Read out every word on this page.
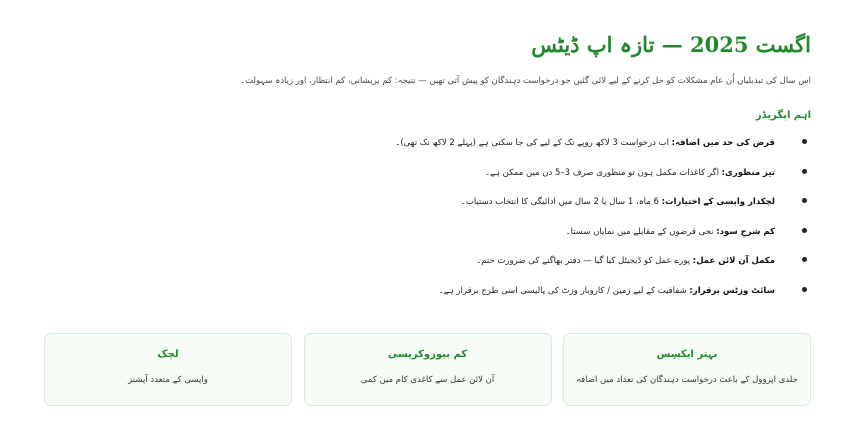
اگست 2025 — تازہ اپ ڈیٹس

اس سال کی تبدیلیاں اُن عام مشکلات کو حل کرنے کے لیے لائی گئیں جو درخواست دہندگان کو پیش آتی تھیں — نتیجہ: کم پریشانی، کم انتظار، اور زیادہ سہولت۔

اہم اپگریڈز
قرض کی حد میں اضافہ: اب درخواست 3 لاکھ روپے تک کے لیے کی جا سکتی ہے (پہلے 2 لاکھ تک تھی)۔
تیز منظوری: اگر کاغذات مکمل ہوں تو منظوری صرف 3–5 دن میں ممکن ہے۔
لچکدار واپسی کے اختیارات: 6 ماہ، 1 سال یا 2 سال میں ادائیگی کا انتخاب دستیاب۔
کم شرحِ سود: نجی قرضوں کے مقابلے میں نمایاں سستا۔
مکمل آن لائن عمل: پورے عمل کو ڈیجیٹل کیا گیا — دفتر بھاگنے کی ضرورت ختم۔
سائٹ وزٹس برقرار: شفافیت کے لیے زمین / کاروبار وزٹ کی پالیسی اسی طرح برقرار ہے۔
بہتر ایکسِس
جلدی اپروول کے باعث درخواست دہندگان کی تعداد میں اضافہ
کم بیوروکریسی
آن لائن عمل سے کاغذی کام میں کمی
لچک
واپسی کے متعدد آپشنز
